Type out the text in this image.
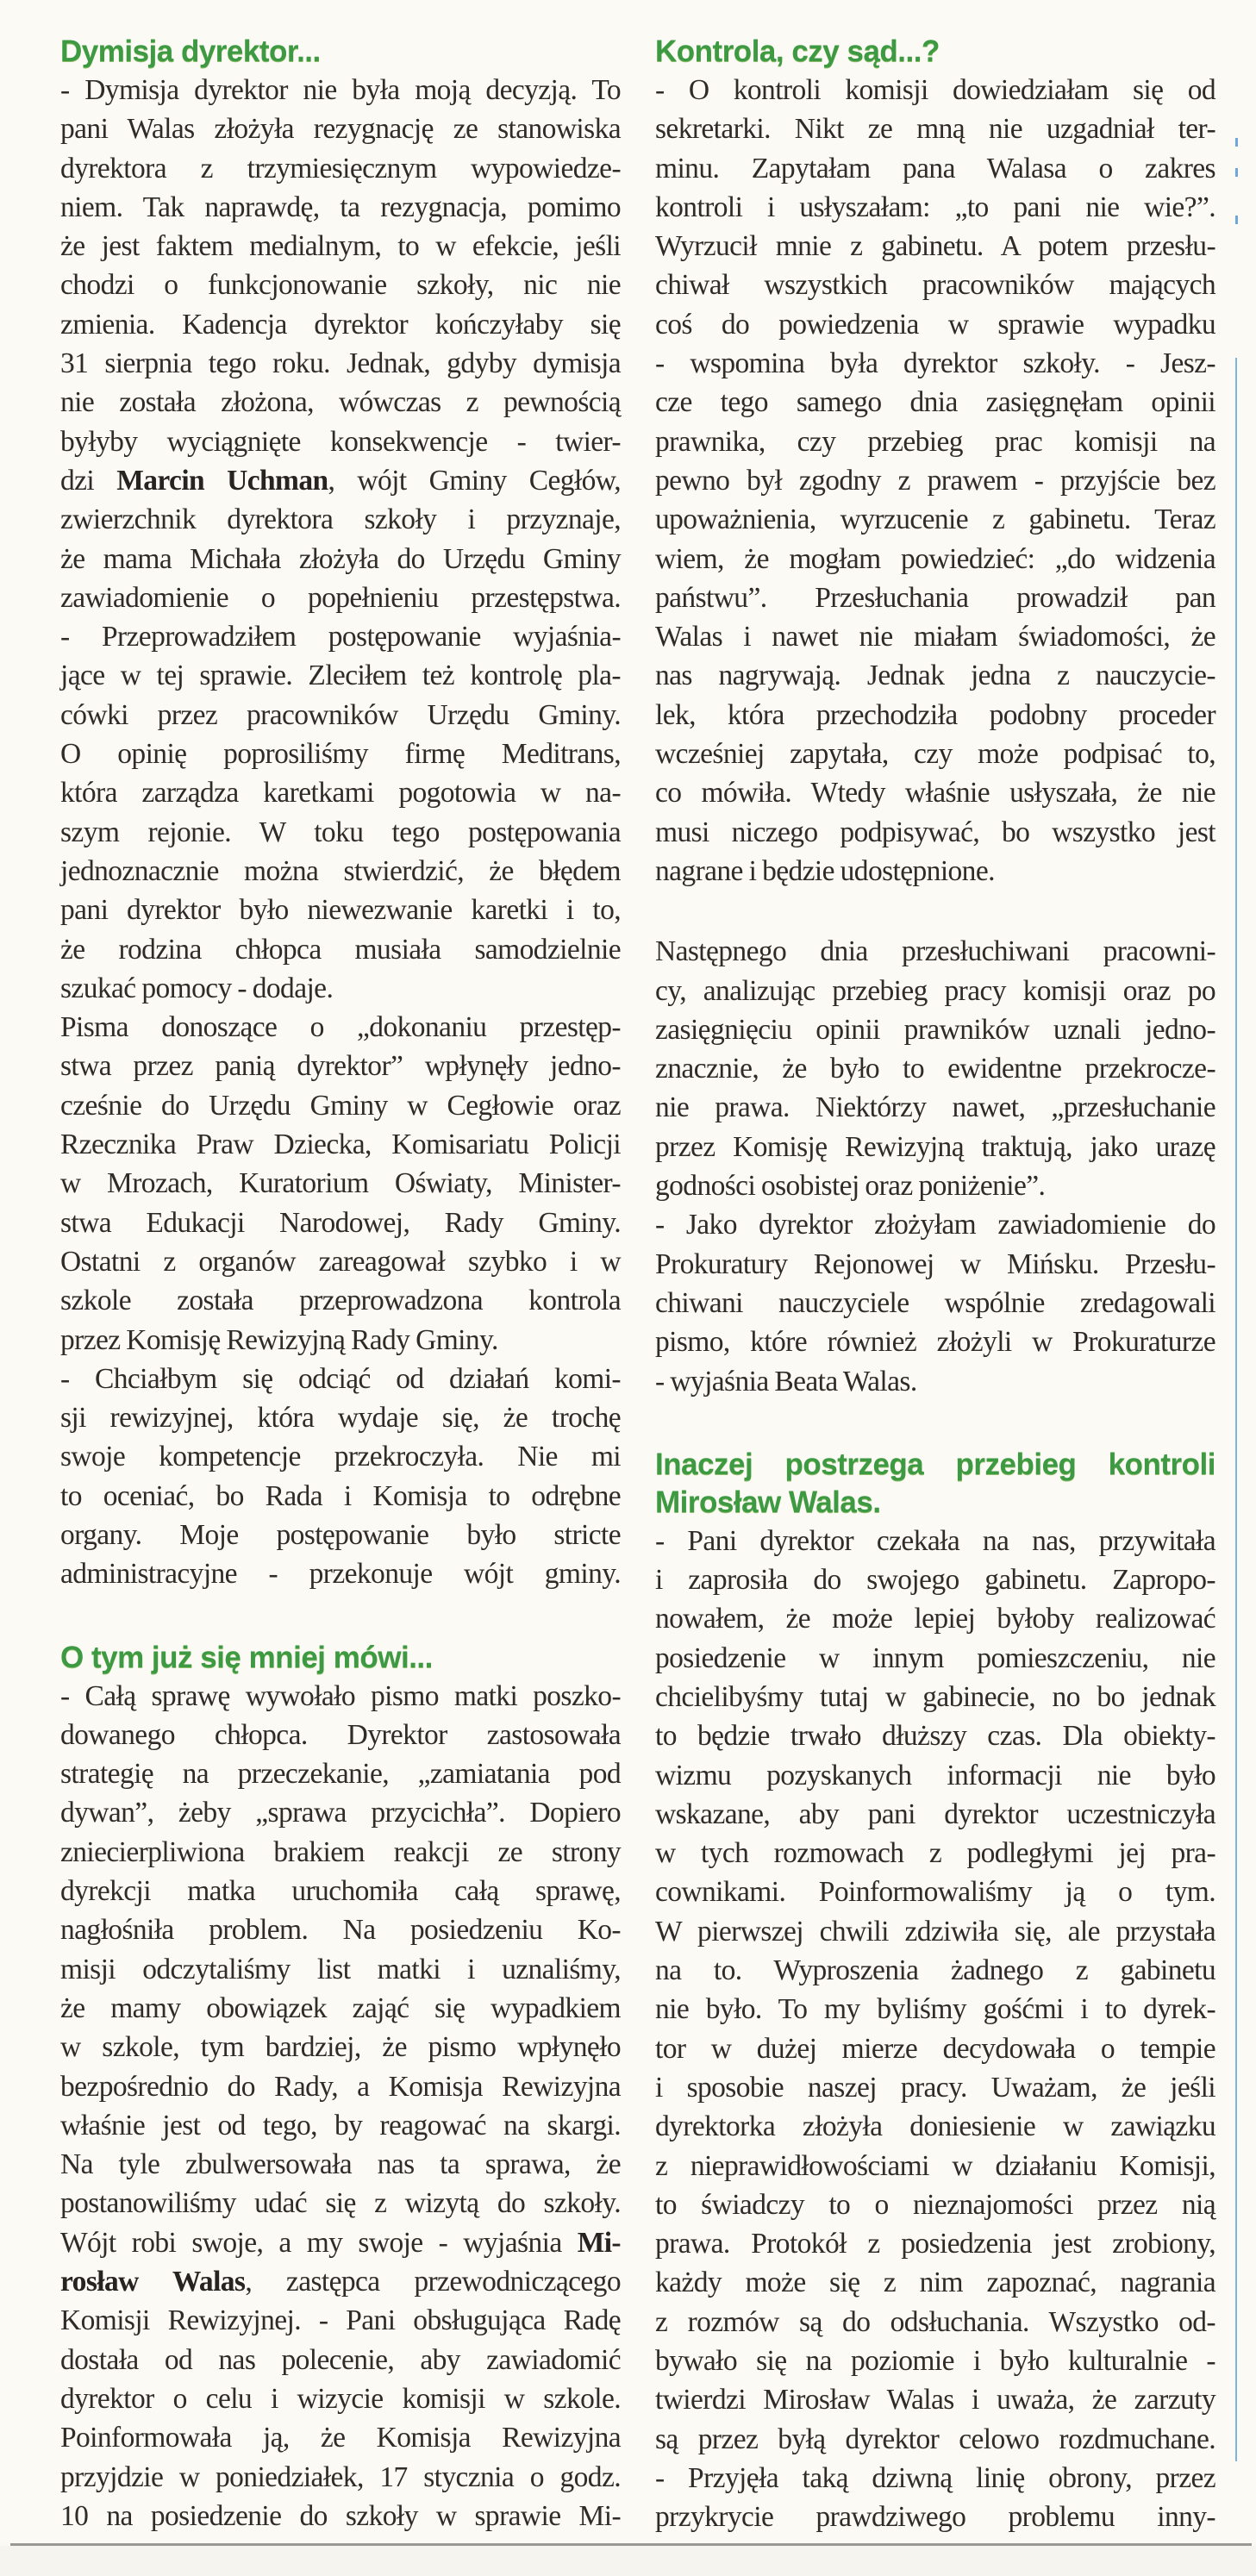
Dymisja dyrektor...
- Dymisja dyrektor nie była moją decyzją. To
pani Walas złożyła rezygnację ze stanowiska
dyrektora z trzymiesięcznym wypowiedze-
niem. Tak naprawdę, ta rezygnacja, pomimo
że jest faktem medialnym, to w efekcie, jeśli
chodzi o funkcjonowanie szkoły, nic nie
zmienia. Kadencja dyrektor kończyłaby się
31 sierpnia tego roku. Jednak, gdyby dymisja
nie została złożona, wówczas z pewnością
byłyby wyciągnięte konsekwencje - twier-
dzi Marcin Uchman, wójt Gminy Cegłów,
zwierzchnik dyrektora szkoły i przyznaje,
że mama Michała złożyła do Urzędu Gminy
zawiadomienie o popełnieniu przestępstwa.
- Przeprowadziłem postępowanie wyjaśnia-
jące w tej sprawie. Zleciłem też kontrolę pla-
cówki przez pracowników Urzędu Gminy.
O opinię poprosiliśmy firmę Meditrans,
która zarządza karetkami pogotowia w na-
szym rejonie. W toku tego postępowania
jednoznacznie można stwierdzić, że błędem
pani dyrektor było niewezwanie karetki i to,
że rodzina chłopca musiała samodzielnie
szukać pomocy - dodaje.
Pisma donoszące o „dokonaniu przestęp-
stwa przez panią dyrektor” wpłynęły jedno-
cześnie do Urzędu Gminy w Cegłowie oraz
Rzecznika Praw Dziecka, Komisariatu Policji
w Mrozach, Kuratorium Oświaty, Minister-
stwa Edukacji Narodowej, Rady Gminy.
Ostatni z organów zareagował szybko i w
szkole została przeprowadzona kontrola
przez Komisję Rewizyjną Rady Gminy.
- Chciałbym się odciąć od działań komi-
sji rewizyjnej, która wydaje się, że trochę
swoje kompetencje przekroczyła. Nie mi
to oceniać, bo Rada i Komisja to odrębne
organy. Moje postępowanie było stricte
administracyjne - przekonuje wójt gminy.
O tym już się mniej mówi...
- Całą sprawę wywołało pismo matki poszko-
dowanego chłopca. Dyrektor zastosowała
strategię na przeczekanie, „zamiatania pod
dywan”, żeby „sprawa przycichła”. Dopiero
zniecierpliwiona brakiem reakcji ze strony
dyrekcji matka uruchomiła całą sprawę,
nagłośniła problem. Na posiedzeniu Ko-
misji odczytaliśmy list matki i uznaliśmy,
że mamy obowiązek zająć się wypadkiem
w szkole, tym bardziej, że pismo wpłynęło
bezpośrednio do Rady, a Komisja Rewizyjna
właśnie jest od tego, by reagować na skargi.
Na tyle zbulwersowała nas ta sprawa, że
postanowiliśmy udać się z wizytą do szkoły.
Wójt robi swoje, a my swoje - wyjaśnia Mi-
rosław Walas, zastępca przewodniczącego
Komisji Rewizyjnej. - Pani obsługująca Radę
dostała od nas polecenie, aby zawiadomić
dyrektor o celu i wizycie komisji w szkole.
Poinformowała ją, że Komisja Rewizyjna
przyjdzie w poniedziałek, 17 stycznia o godz.
10 na posiedzenie do szkoły w sprawie Mi-
Kontrola, czy sąd...?
- O kontroli komisji dowiedziałam się od
sekretarki. Nikt ze mną nie uzgadniał ter-
minu. Zapytałam pana Walasa o zakres
kontroli i usłyszałam: „to pani nie wie?”.
Wyrzucił mnie z gabinetu. A potem przesłu-
chiwał wszystkich pracowników mających
coś do powiedzenia w sprawie wypadku
- wspomina była dyrektor szkoły. - Jesz-
cze tego samego dnia zasięgnęłam opinii
prawnika, czy przebieg prac komisji na
pewno był zgodny z prawem - przyjście bez
upoważnienia, wyrzucenie z gabinetu. Teraz
wiem, że mogłam powiedzieć: „do widzenia
państwu”. Przesłuchania prowadził pan
Walas i nawet nie miałam świadomości, że
nas nagrywają. Jednak jedna z nauczycie-
lek, która przechodziła podobny proceder
wcześniej zapytała, czy może podpisać to,
co mówiła. Wtedy właśnie usłyszała, że nie
musi niczego podpisywać, bo wszystko jest
nagrane i będzie udostępnione.
Następnego dnia przesłuchiwani pracowni-
cy, analizując przebieg pracy komisji oraz po
zasięgnięciu opinii prawników uznali jedno-
znacznie, że było to ewidentne przekrocze-
nie prawa. Niektórzy nawet, „przesłuchanie
przez Komisję Rewizyjną traktują, jako urazę
godności osobistej oraz poniżenie”.
- Jako dyrektor złożyłam zawiadomienie do
Prokuratury Rejonowej w Mińsku. Przesłu-
chiwani nauczyciele wspólnie zredagowali
pismo, które również złożyli w Prokuraturze
- wyjaśnia Beata Walas.
Inaczej postrzega przebieg kontroli
Mirosław Walas.
- Pani dyrektor czekała na nas, przywitała
i zaprosiła do swojego gabinetu. Zapropo-
nowałem, że może lepiej byłoby realizować
posiedzenie w innym pomieszczeniu, nie
chcielibyśmy tutaj w gabinecie, no bo jednak
to będzie trwało dłuższy czas. Dla obiekty-
wizmu pozyskanych informacji nie było
wskazane, aby pani dyrektor uczestniczyła
w tych rozmowach z podległymi jej pra-
cownikami. Poinformowaliśmy ją o tym.
W pierwszej chwili zdziwiła się, ale przystała
na to. Wyproszenia żadnego z gabinetu
nie było. To my byliśmy gośćmi i to dyrek-
tor w dużej mierze decydowała o tempie
i sposobie naszej pracy. Uważam, że jeśli
dyrektorka złożyła doniesienie w zawiązku
z nieprawidłowościami w działaniu Komisji,
to świadczy to o nieznajomości przez nią
prawa. Protokół z posiedzenia jest zrobiony,
każdy może się z nim zapoznać, nagrania
z rozmów są do odsłuchania. Wszystko od-
bywało się na poziomie i było kulturalnie -
twierdzi Mirosław Walas i uważa, że zarzuty
są przez byłą dyrektor celowo rozdmuchane.
- Przyjęła taką dziwną linię obrony, przez
przykrycie prawdziwego problemu inny-
